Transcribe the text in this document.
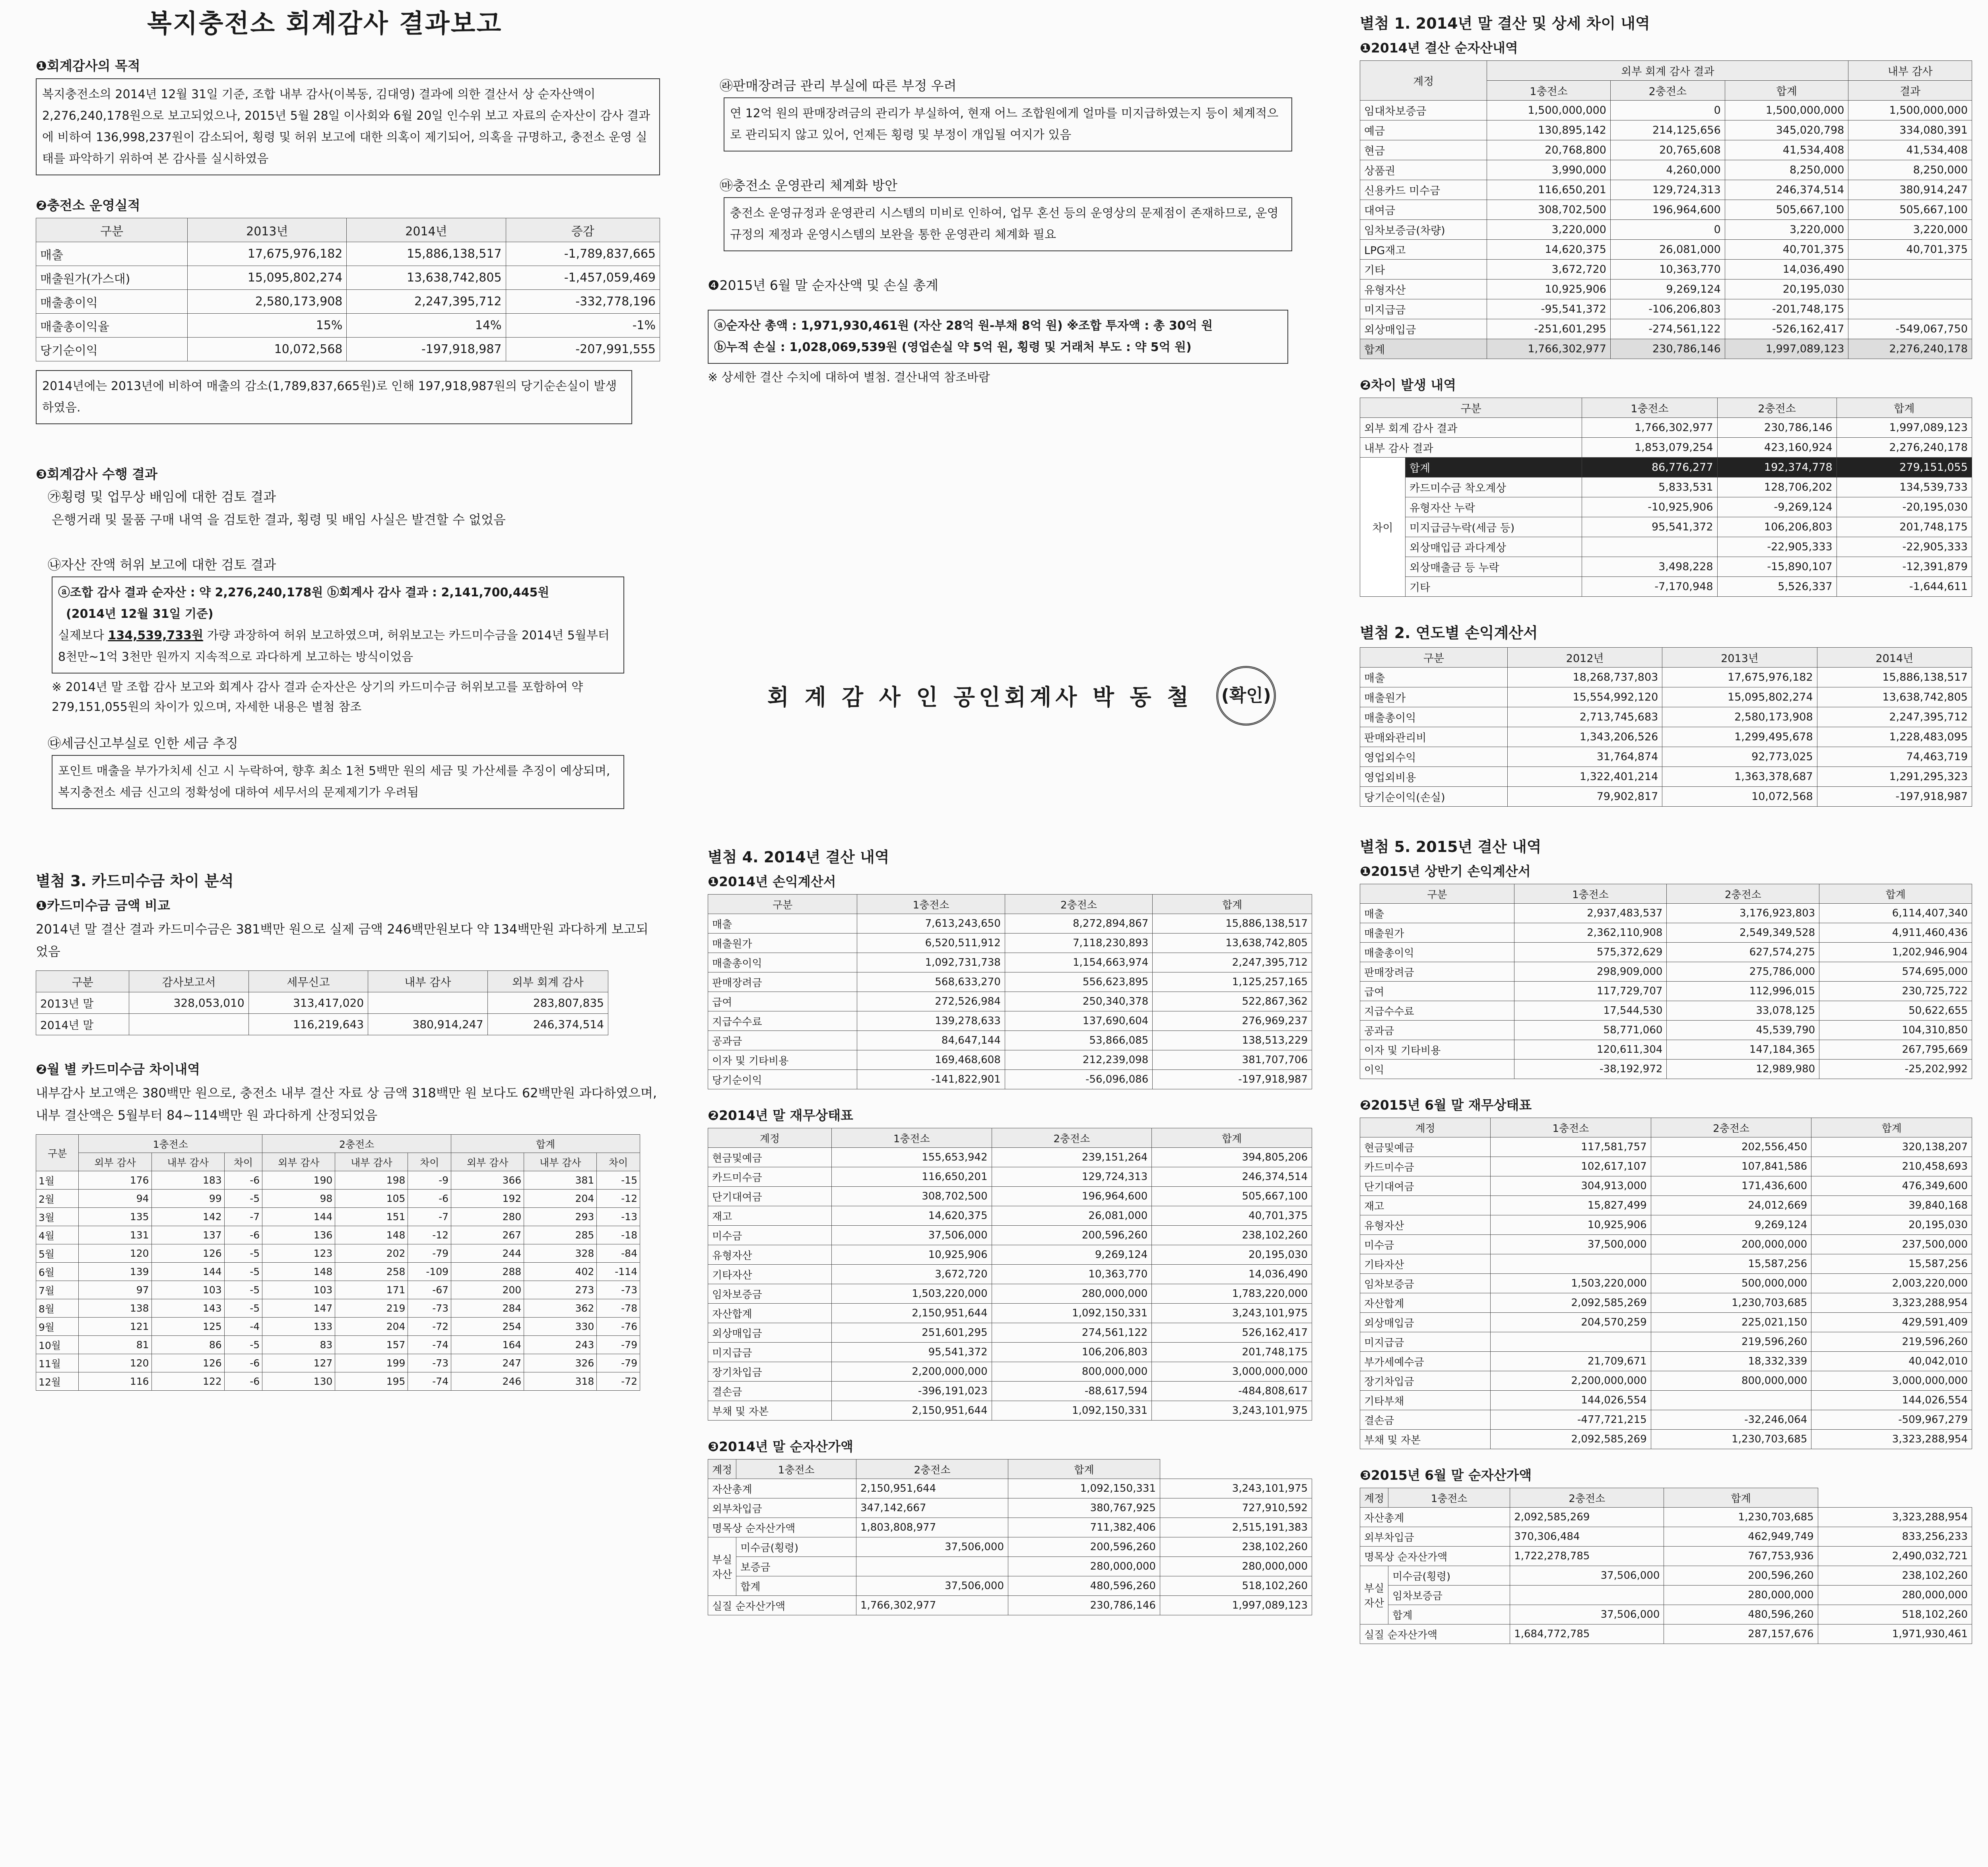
복지충전소 회계감사 결과보고
❶회계감사의 목적
복지충전소의 2014년 12월 31일 기준, 조합 내부 감사(이복동, 김대영) 결과에 의한 결산서 상 순자산액이 2,276,240,178원으로 보고되었으나, 2015년 5월 28일 이사회와 6월 20일 인수위 보고 자료의 순자산이 감사 결과에 비하여 136,998,237원이 감소되어, 횡령 및 허위 보고에 대한 의혹이 제기되어, 의혹을 규명하고, 충전소 운영 실태를 파악하기 위하여 본 감사를 실시하였음
❷충전소 운영실적
구분	2013년	2014년	증감
매출	17,675,976,182	15,886,138,517	-1,789,837,665
매출원가(가스대)	15,095,802,274	13,638,742,805	-1,457,059,469
매출총이익	2,580,173,908	2,247,395,712	-332,778,196
매출총이익율	15%	14%	-1%
당기순이익	10,072,568	-197,918,987	-207,991,555
2014년에는 2013년에 비하여 매출의 감소(1,789,837,665원)로 인해 197,918,987원의 당기순손실이 발생하였음.
❸회계감사 수행 결과
㉮횡령 및 업무상 배임에 대한 검토 결과
은행거래 및 물품 구매 내역 을 검토한 결과, 횡령 및 배임 사실은 발견할 수 없었음
㉯자산 잔액 허위 보고에 대한 검토 결과
ⓐ조합 감사 결과 순자산 : 약 2,276,240,178원 ⓑ회계사 감사 결과 : 2,141,700,445원
(2014년 12월 31일 기준)
실제보다 134,539,733원 가량 과장하여 허위 보고하였으며, 허위보고는 카드미수금을 2014년 5월부터 8천만~1억 3천만 원까지 지속적으로 과다하게 보고하는 방식이었음
※ 2014년 말 조합 감사 보고와 회계사 감사 결과 순자산은 상기의 카드미수금 허위보고를 포함하여 약 279,151,055원의 차이가 있으며, 자세한 내용은 별첨 참조
㉰세금신고부실로 인한 세금 추징
포인트 매출을 부가가치세 신고 시 누락하여, 향후 최소 1천 5백만 원의 세금 및 가산세를 추징이 예상되며, 복지충전소 세금 신고의 정확성에 대하여 세무서의 문제제기가 우려됨
별첨 3. 카드미수금 차이 분석
❶카드미수금 금액 비교
2014년 말 결산 결과 카드미수금은 381백만 원으로 실제 금액 246백만원보다 약 134백만원 과다하게 보고되었음
구분	감사보고서	세무신고	내부 감사	외부 회계 감사
2013년 말	328,053,010	313,417,020		283,807,835
2014년 말		116,219,643	380,914,247	246,374,514
❷월 별 카드미수금 차이내역
내부감사 보고액은 380백만 원으로, 충전소 내부 결산 자료 상 금액 318백만 원 보다도 62백만원 과다하였으며, 내부 결산액은 5월부터 84~114백만 원 과다하게 산정되었음
구분	1충전소			2충전소			합계		
	외부 감사	내부 감사	차이	외부 감사	내부 감사	차이	외부 감사	내부 감사	차이
1월	176	183	-6	190	198	-9	366	381	-15
2월	94	99	-5	98	105	-6	192	204	-12
3월	135	142	-7	144	151	-7	280	293	-13
4월	131	137	-6	136	148	-12	267	285	-18
5월	120	126	-5	123	202	-79	244	328	-84
6월	139	144	-5	148	258	-109	288	402	-114
7월	97	103	-5	103	171	-67	200	273	-73
8월	138	143	-5	147	219	-73	284	362	-78
9월	121	125	-4	133	204	-72	254	330	-76
10월	81	86	-5	83	157	-74	164	243	-79
11월	120	126	-6	127	199	-73	247	326	-79
12월	116	122	-6	130	195	-74	246	318	-72
㉱판매장려금 관리 부실에 따른 부정 우려
연 12억 원의 판매장려금의 관리가 부실하여, 현재 어느 조합원에게 얼마를 미지급하였는지 등이 체계적으로 관리되지 않고 있어, 언제든 횡령 및 부정이 개입될 여지가 있음
㉲충전소 운영관리 체계화 방안
충전소 운영규정과 운영관리 시스템의 미비로 인하여, 업무 혼선 등의 운영상의 문제점이 존재하므로, 운영규정의 제정과 운영시스템의 보완을 통한 운영관리 체계화 필요
❹2015년 6월 말 순자산액 및 손실 총계
ⓐ순자산 총액 : 1,971,930,461원 (자산 28억 원-부채 8억 원) ※조합 투자액 : 총 30억 원
ⓑ누적 손실 : 1,028,069,539원 (영업손실 약 5억 원, 횡령 및 거래처 부도 : 약 5억 원)
※ 상세한 결산 수치에 대하여 별첨. 결산내역 참조바람
회 계 감 사 인 공인회계사 박 동 철 (확인)
별첨 4. 2014년 결산 내역
❶2014년 손익계산서
구분	1충전소	2충전소	합계
매출	7,613,243,650	8,272,894,867	15,886,138,517
매출원가	6,520,511,912	7,118,230,893	13,638,742,805
매출총이익	1,092,731,738	1,154,663,974	2,247,395,712
판매장려금	568,633,270	556,623,895	1,125,257,165
급여	272,526,984	250,340,378	522,867,362
지급수수료	139,278,633	137,690,604	276,969,237
공과금	84,647,144	53,866,085	138,513,229
이자 및 기타비용	169,468,608	212,239,098	381,707,706
당기순이익	-141,822,901	-56,096,086	-197,918,987
❷2014년 말 재무상태표
계정	1충전소	2충전소	합계
현금및예금	155,653,942	239,151,264	394,805,206
카드미수금	116,650,201	129,724,313	246,374,514
단기대여금	308,702,500	196,964,600	505,667,100
재고	14,620,375	26,081,000	40,701,375
미수금	37,506,000	200,596,260	238,102,260
유형자산	10,925,906	9,269,124	20,195,030
기타자산	3,672,720	10,363,770	14,036,490
임차보증금	1,503,220,000	280,000,000	1,783,220,000
자산합계	2,150,951,644	1,092,150,331	3,243,101,975
외상매입금	251,601,295	274,561,122	526,162,417
미지급금	95,541,372	106,206,803	201,748,175
장기차입금	2,200,000,000	800,000,000	3,000,000,000
결손금	-396,191,023	-88,617,594	-484,808,617
부채 및 자본	2,150,951,644	1,092,150,331	3,243,101,975
❸2014년 말 순자산가액
계정	1충전소	2충전소	합계	
자산총계		2,150,951,644	1,092,150,331	3,243,101,975
외부차입금		347,142,667	380,767,925	727,910,592
명목상 순자산가액		1,803,808,977	711,382,406	2,515,191,383
부실 자산	미수금(횡령)	37,506,000	200,596,260	238,102,260
	보증금		280,000,000	280,000,000
	합계	37,506,000	480,596,260	518,102,260
실질 순자산가액		1,766,302,977	230,786,146	1,997,089,123
별첨 1. 2014년 말 결산 및 상세 차이 내역
❶2014년 결산 순자산내역
계정	외부 회계 감사 결과			내부 감사
	1충전소	2충전소	합계	결과
임대차보증금	1,500,000,000	0	1,500,000,000	1,500,000,000
예금	130,895,142	214,125,656	345,020,798	334,080,391
현금	20,768,800	20,765,608	41,534,408	41,534,408
상품권	3,990,000	4,260,000	8,250,000	8,250,000
신용카드 미수금	116,650,201	129,724,313	246,374,514	380,914,247
대여금	308,702,500	196,964,600	505,667,100	505,667,100
임차보증금(차량)	3,220,000	0	3,220,000	3,220,000
LPG재고	14,620,375	26,081,000	40,701,375	40,701,375
기타	3,672,720	10,363,770	14,036,490	
유형자산	10,925,906	9,269,124	20,195,030	
미지급금	-95,541,372	-106,206,803	-201,748,175	
외상매입금	-251,601,295	-274,561,122	-526,162,417	-549,067,750
합계	1,766,302,977	230,786,146	1,997,089,123	2,276,240,178
❷차이 발생 내역
구분		1충전소	2충전소	합계
외부 회계 감사 결과		1,766,302,977	230,786,146	1,997,089,123
내부 감사 결과		1,853,079,254	423,160,924	2,276,240,178
차이	합계	86,776,277	192,374,778	279,151,055
	카드미수금 착오계상	5,833,531	128,706,202	134,539,733
	유형자산 누락	-10,925,906	-9,269,124	-20,195,030
	미지급금누락(세금 등)	95,541,372	106,206,803	201,748,175
	외상매입금 과다계상		-22,905,333	-22,905,333
	외상매출금 등 누락	3,498,228	-15,890,107	-12,391,879
	기타	-7,170,948	5,526,337	-1,644,611
별첨 2. 연도별 손익계산서
구분	2012년	2013년	2014년
매출	18,268,737,803	17,675,976,182	15,886,138,517
매출원가	15,554,992,120	15,095,802,274	13,638,742,805
매출총이익	2,713,745,683	2,580,173,908	2,247,395,712
판매와관리비	1,343,206,526	1,299,495,678	1,228,483,095
영업외수익	31,764,874	92,773,025	74,463,719
영업외비용	1,322,401,214	1,363,378,687	1,291,295,323
당기순이익(손실)	79,902,817	10,072,568	-197,918,987
별첨 5. 2015년 결산 내역
❶2015년 상반기 손익계산서
구분	1충전소	2충전소	합계
매출	2,937,483,537	3,176,923,803	6,114,407,340
매출원가	2,362,110,908	2,549,349,528	4,911,460,436
매출총이익	575,372,629	627,574,275	1,202,946,904
판매장려금	298,909,000	275,786,000	574,695,000
급여	117,729,707	112,996,015	230,725,722
지급수수료	17,544,530	33,078,125	50,622,655
공과금	58,771,060	45,539,790	104,310,850
이자 및 기타비용	120,611,304	147,184,365	267,795,669
이익	-38,192,972	12,989,980	-25,202,992
❷2015년 6월 말 재무상태표
계정	1충전소	2충전소	합계
현금및예금	117,581,757	202,556,450	320,138,207
카드미수금	102,617,107	107,841,586	210,458,693
단기대여금	304,913,000	171,436,600	476,349,600
재고	15,827,499	24,012,669	39,840,168
유형자산	10,925,906	9,269,124	20,195,030
미수금	37,500,000	200,000,000	237,500,000
기타자산		15,587,256	15,587,256
임차보증금	1,503,220,000	500,000,000	2,003,220,000
자산합계	2,092,585,269	1,230,703,685	3,323,288,954
외상매입금	204,570,259	225,021,150	429,591,409
미지급금		219,596,260	219,596,260
부가세예수금	21,709,671	18,332,339	40,042,010
장기차입금	2,200,000,000	800,000,000	3,000,000,000
기타부채	144,026,554		144,026,554
결손금	-477,721,215	-32,246,064	-509,967,279
부채 및 자본	2,092,585,269	1,230,703,685	3,323,288,954
❸2015년 6월 말 순자산가액
계정	1충전소	2충전소	합계	
자산총계		2,092,585,269	1,230,703,685	3,323,288,954
외부차입금		370,306,484	462,949,749	833,256,233
명목상 순자산가액		1,722,278,785	767,753,936	2,490,032,721
부실 자산	미수금(횡령)	37,506,000	200,596,260	238,102,260
	임차보증금		280,000,000	280,000,000
	합계	37,506,000	480,596,260	518,102,260
실질 순자산가액		1,684,772,785	287,157,676	1,971,930,461
